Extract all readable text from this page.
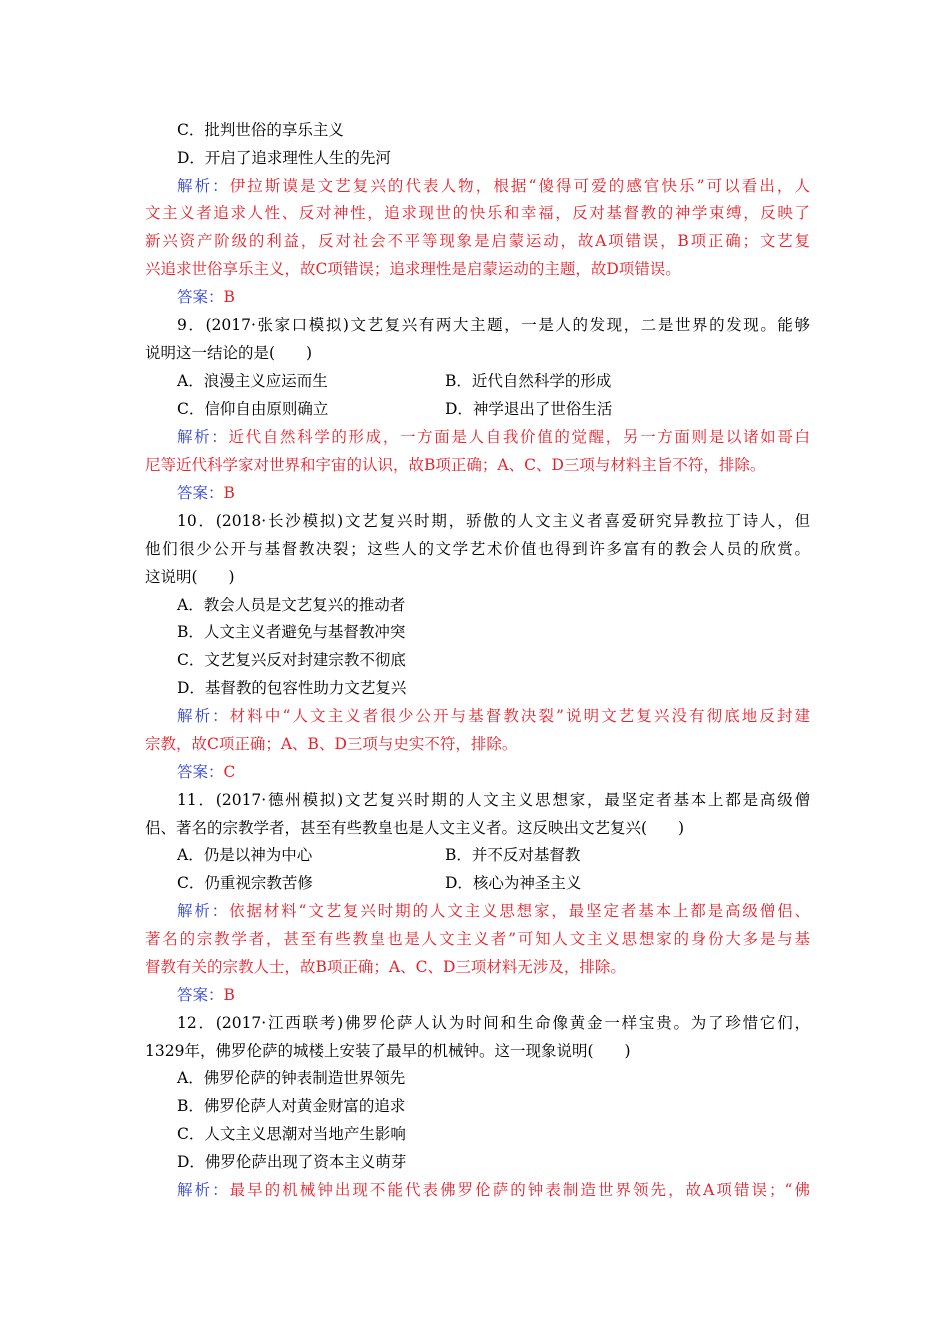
C．批判世俗的享乐主义
D．开启了追求理性人生的先河
解析：伊拉斯谟是文艺复兴的代表人物，根据“傻得可爱的感官快乐”可以看出，人
文主义者追求人性、反对神性，追求现世的快乐和幸福，反对基督教的神学束缚，反映了
新兴资产阶级的利益，反对社会不平等现象是启蒙运动，故A项错误，B项正确；文艺复
兴追求世俗享乐主义，故C项错误；追求理性是启蒙运动的主题，故D项错误。
答案：B
9．(2017·张家口模拟)文艺复兴有两大主题，一是人的发现，二是世界的发现。能够
说明这一结论的是(　　)
A．浪漫主义应运而生	B．近代自然科学的形成
C．信仰自由原则确立	D．神学退出了世俗生活
解析：近代自然科学的形成，一方面是人自我价值的觉醒，另一方面则是以诸如哥白
尼等近代科学家对世界和宇宙的认识，故B项正确；A、C、D三项与材料主旨不符，排除。
答案：B
10．(2018·长沙模拟)文艺复兴时期，骄傲的人文主义者喜爱研究异教拉丁诗人，但
他们很少公开与基督教决裂；这些人的文学艺术价值也得到许多富有的教会人员的欣赏。
这说明(　　)
A．教会人员是文艺复兴的推动者
B．人文主义者避免与基督教冲突
C．文艺复兴反对封建宗教不彻底
D．基督教的包容性助力文艺复兴
解析：材料中“人文主义者很少公开与基督教决裂”说明文艺复兴没有彻底地反封建
宗教，故C项正确；A、B、D三项与史实不符，排除。
答案：C
11．(2017·德州模拟)文艺复兴时期的人文主义思想家，最坚定者基本上都是高级僧
侣、著名的宗教学者，甚至有些教皇也是人文主义者。这反映出文艺复兴(　　)
A．仍是以神为中心	B．并不反对基督教
C．仍重视宗教苦修	D．核心为神圣主义
解析：依据材料“文艺复兴时期的人文主义思想家，最坚定者基本上都是高级僧侣、
著名的宗教学者，甚至有些教皇也是人文主义者”可知人文主义思想家的身份大多是与基
督教有关的宗教人士，故B项正确；A、C、D三项材料无涉及，排除。
答案：B
12．(2017·江西联考)佛罗伦萨人认为时间和生命像黄金一样宝贵。为了珍惜它们，
1329年，佛罗伦萨的城楼上安装了最早的机械钟。这一现象说明(　　)
A．佛罗伦萨的钟表制造世界领先
B．佛罗伦萨人对黄金财富的追求
C．人文主义思潮对当地产生影响
D．佛罗伦萨出现了资本主义萌芽
解析：最早的机械钟出现不能代表佛罗伦萨的钟表制造世界领先，故A项错误；“佛
